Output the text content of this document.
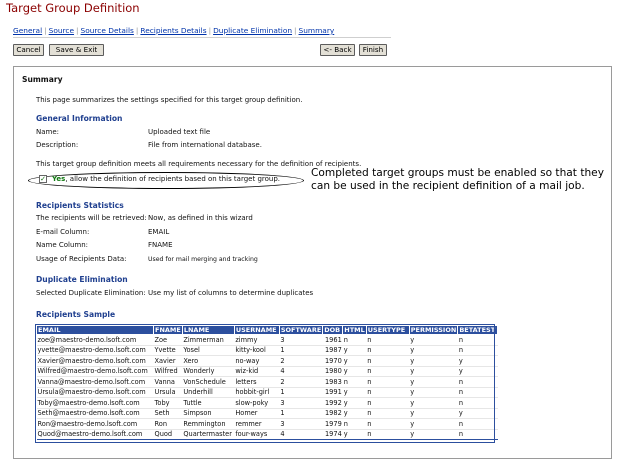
Target Group Definition
General | Source | Source Details | Recipients Details | Duplicate Elimination | Summary
Cancel	Save & Exit	<- Back	Finish
Summary
This page summarizes the settings specified for this target group definition.
General Information
Name:	Uploaded text file
Description:	File from international database.
This target group definition meets all requirements necessary for the definition of recipients.
✓ Yes, allow the definition of recipients based on this target group.	Completed target groups must be enabled so that they can be used in the recipient definition of a mail job.
Recipients Statistics
The recipients will be retrieved: Now, as defined in this wizard
E-mail Column:	EMAIL
Name Column:	FNAME
Usage of Recipients Data:	Used for mail merging and tracking
Duplicate Elimination
Selected Duplicate Elimination: Use my list of columns to determine duplicates
Recipients Sample
EMAIL	FNAME	LNAME	USERNAME	SOFTWARE	DOB	HTML	USERTYPE	PERMISSION	BETATEST
zoe@maestro-demo.lsoft.com	Zoe	Zimmerman	zimmy	3	1961	n	n	y	n
yvette@maestro-demo.lsoft.com	Yvette	Yosel	kitty-kool	1	1987	y	n	y	n
Xavier@maestro-demo.lsoft.com	Xavier	Xero	no-way	2	1970	y	n	y	y
Wilfred@maestro-demo.lsoft.com	Wilfred	Wonderly	wiz-kid	4	1980	y	n	y	y
Vanna@maestro-demo.lsoft.com	Vanna	VonSchedule	letters	2	1983	n	n	y	n
Ursula@maestro-demo.lsoft.com	Ursula	Underhill	hobbit-girl	1	1991	y	n	y	n
Toby@maestro-demo.lsoft.com	Toby	Tuttle	slow-poky	3	1992	y	n	y	n
Seth@maestro-demo.lsoft.com	Seth	Simpson	Homer	1	1982	y	n	y	y
Ron@maestro-demo.lsoft.com	Ron	Remmington	remmer	3	1979	n	n	y	n
Quod@maestro-demo.lsoft.com	Quod	Quartermaster	four-ways	4	1974	y	n	y	n
